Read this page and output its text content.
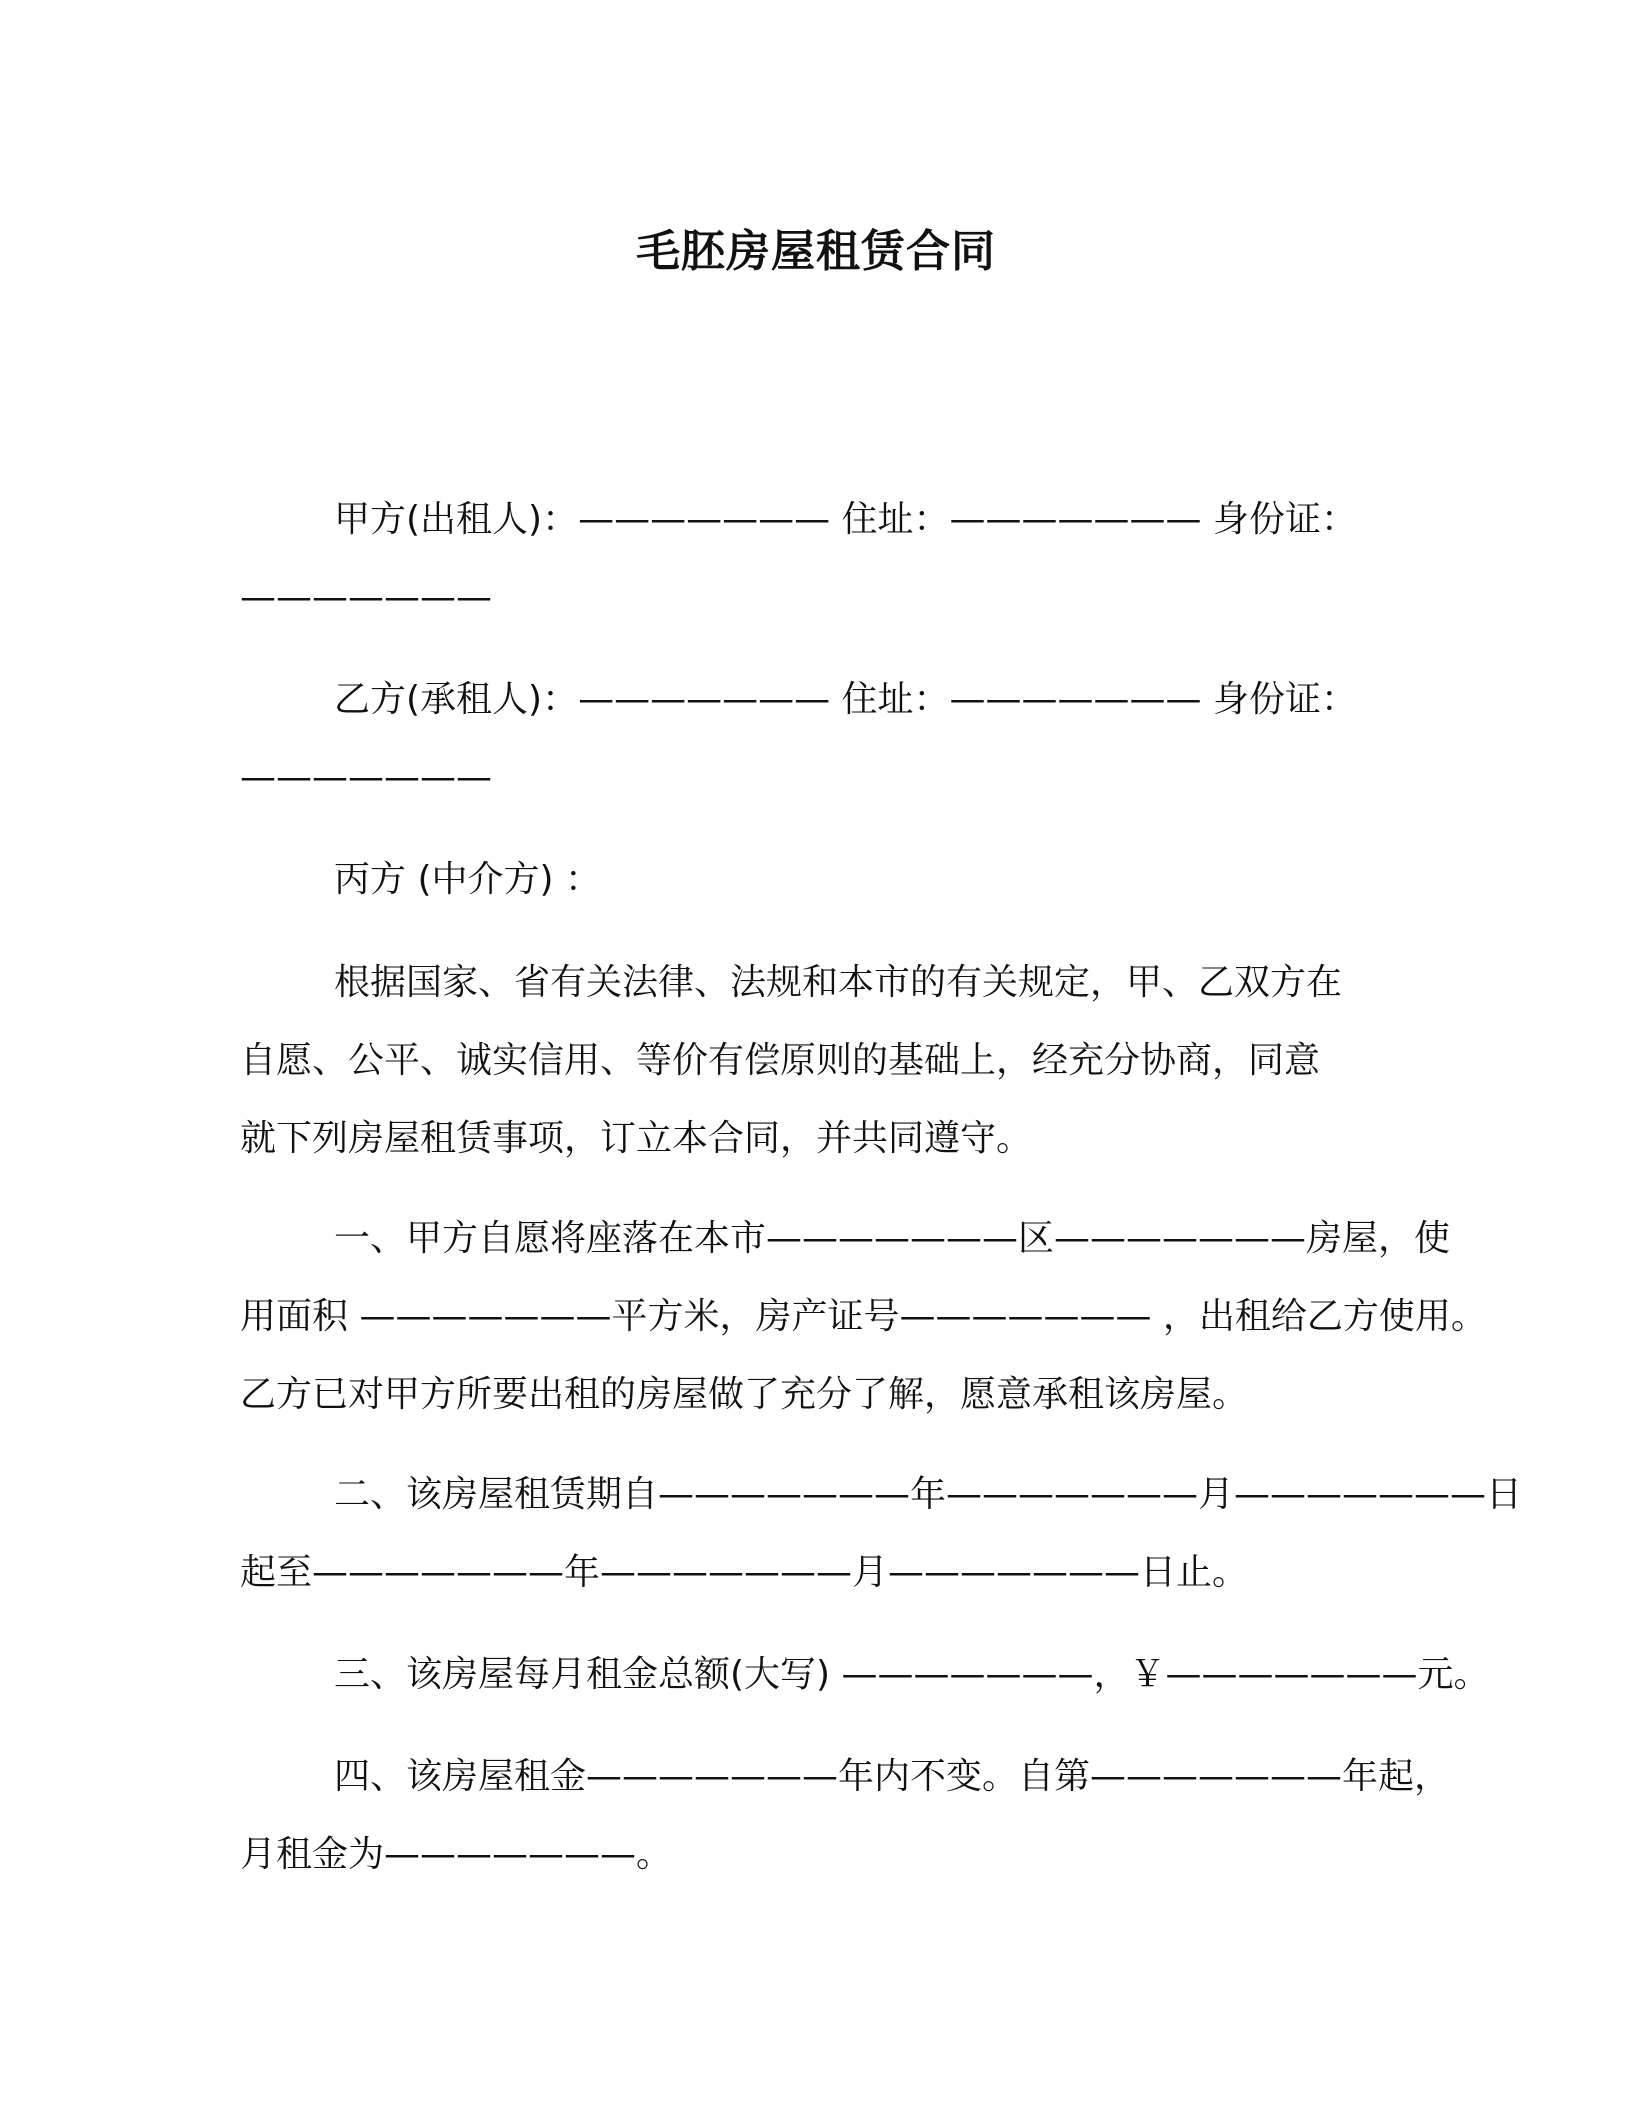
毛胚房屋租赁合同
甲方(出租人)：——————— 住址：——————— 身份证：
———————
乙方(承租人)：——————— 住址：——————— 身份证：
———————
丙方 (中介方) ：
根据国家、省有关法律、法规和本市的有关规定，甲、乙双方在
自愿、公平、诚实信用、等价有偿原则的基础上，经充分协商，同意
就下列房屋租赁事项，订立本合同，并共同遵守。
一、甲方自愿将座落在本市———————区———————房屋，使
用面积 ———————平方米，房产证号——————— ，出租给乙方使用。
乙方已对甲方所要出租的房屋做了充分了解，愿意承租该房屋。
二、该房屋租赁期自———————年———————月———————日
起至———————年———————月———————日止。
三、该房屋每月租金总额(大写) ———————，￥———————元。
四、该房屋租金———————年内不变。自第———————年起，
月租金为———————。
